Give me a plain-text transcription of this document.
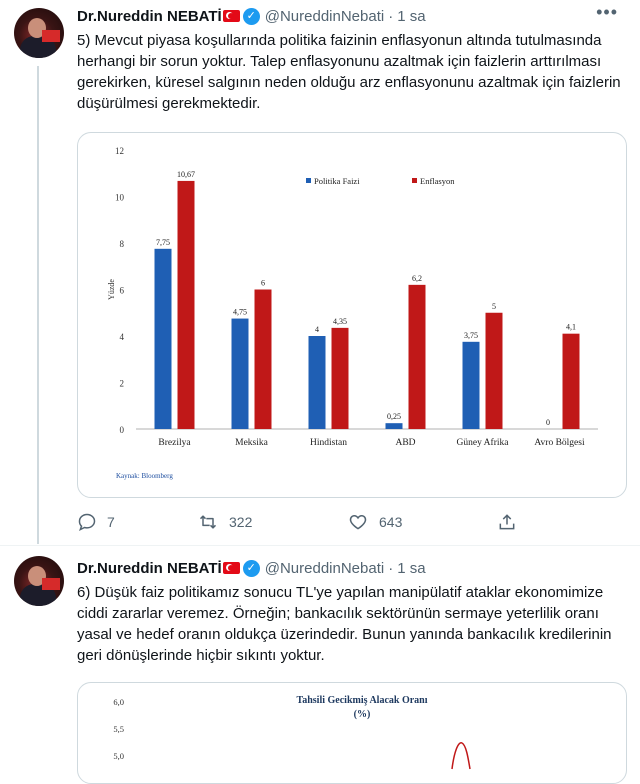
Dr.Nureddin NEBATİ	✓ @NureddinNebati · 1 sa	•••
5) Mevcut piyasa koşullarında politika faizinin enflasyonun altında tutulmasında herhangi bir sorun yoktur. Talep enflasyonunu azaltmak için faizlerin arttırılması gerekirken, küresel salgının neden olduğu arz enflasyonunu azaltmak için faizlerin düşürülmesi gerekmektedir.
0
2
4
6
8
10
12
Yüzde
7,75
10,67
Brezilya
4,75
6
Meksika
4
4,35
Hindistan
0,25
6,2
ABD
3,75
5
Güney Afrika
0
4,1
Avro Bölgesi
Politika Faizi	Enflasyon
Kaynak: Bloomberg
7	322	643
Dr.Nureddin NEBATİ	✓ @NureddinNebati · 1 sa
6) Düşük faiz politikamız sonucu TL'ye yapılan manipülatif ataklar ekonomimize ciddi zararlar veremez. Örneğin; bankacılık sektörünün sermaye yeterlilik oranı yasal ve hedef oranın oldukça üzerindedir. Bunun yanında bankacılık kredilerinin geri dönüşlerinde hiçbir sıkıntı yoktur.
Tahsili Gecikmiş Alacak Oranı
(%)
6,0
5,5
5,0
